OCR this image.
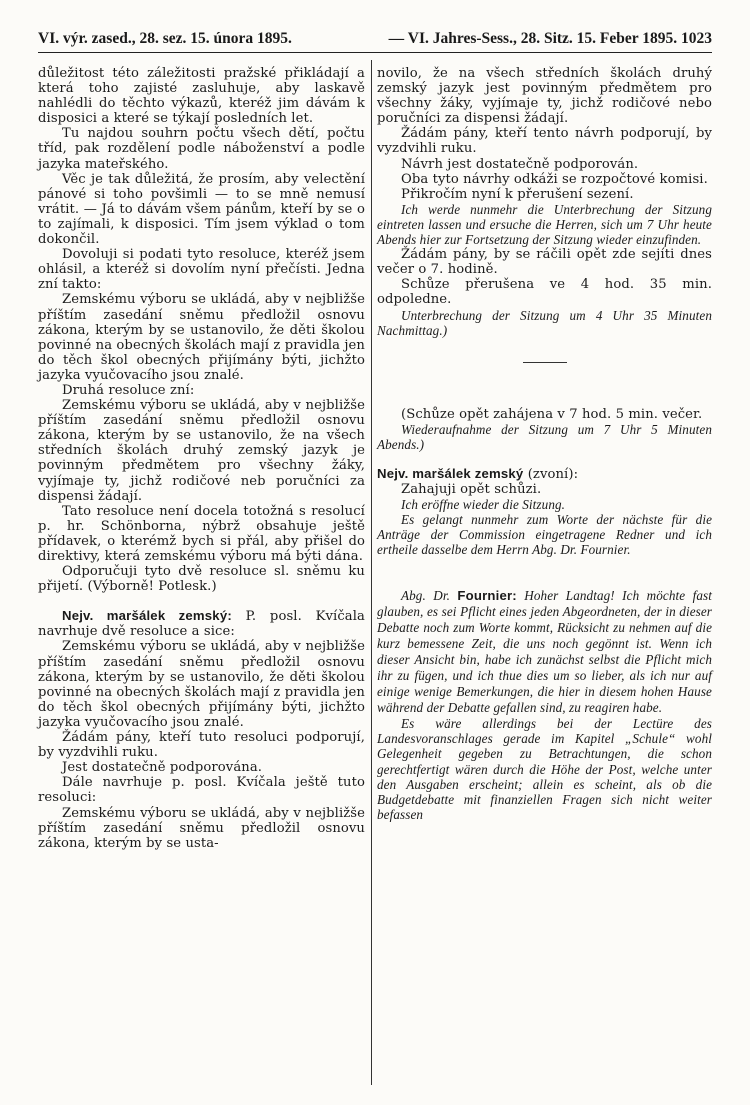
VI. výr. zased., 28. sez. 15. února 1895.	— VI. Jahres-Sess., 28. Sitz. 15. Feber 1895. 1023

důležitost této záležitosti pražské přikládají a která toho zajisté zasluhuje, aby laskavě nahlédli do těchto výkazů, kteréž jim dávám k disposici a které se týkají posledních let.

Tu najdou souhrn počtu všech dětí, počtu tříd, pak rozdělení podle náboženství a podle jazyka mateřského.

Věc je tak důležitá, že prosím, aby velectění pánové si toho povšimli — to se mně nemusí vrátit. — Já to dávám všem pánům, kteří by se o to zajímali, k disposici. Tím jsem výklad o tom dokončil.

Dovoluji si podati tyto resoluce, kteréž jsem ohlásil, a kteréž si dovolím nyní přečísti. Jedna zní takto:

Zemskému výboru se ukládá, aby v nejbližše příštím zasedání sněmu předložil osnovu zákona, kterým by se ustanovilo, že děti školou povinné na obecných školách mají z pravidla jen do těch škol obecných přijímány býti, jichžto jazyka vyučovacího jsou znalé.

Druhá resoluce zní:

Zemskému výboru se ukládá, aby v nejbližše příštím zasedání sněmu předložil osnovu zákona, kterým by se ustanovilo, že na všech středních školách druhý zemský jazyk je povinným předmětem pro všechny žáky, vyjímaje ty, jichž rodičové neb poručníci za dispensi žádají.

Tato resoluce není docela totožná s resolucí p. hr. Schönborna, nýbrž obsahuje ještě přídavek, o kterémž bych si přál, aby přišel do direktivy, která zemskému výboru má býti dána.

Odporučuji tyto dvě resoluce sl. sněmu ku přijetí. (Výborně! Potlesk.)

Nejv. maršálek zemský: P. posl. Kvíčala navrhuje dvě resoluce a sice:

Zemskému výboru se ukládá, aby v nejbližše příštím zasedání sněmu předložil osnovu zákona, kterým by se ustanovilo, že děti školou povinné na obecných školách mají z pravidla jen do těch škol obecných přijímány býti, jichžto jazyka vyučovacího jsou znalé.

Žádám pány, kteří tuto resoluci podporují, by vyzdvihli ruku.

Jest dostatečně podporována.

Dále navrhuje p. posl. Kvíčala ještě tuto resoluci:

Zemskému výboru se ukládá, aby v nejbližše příštím zasedání sněmu předložil osnovu zákona, kterým by se usta-

novilo, že na všech středních školách druhý zemský jazyk jest povinným předmětem pro všechny žáky, vyjímaje ty, jichž rodičové nebo poručníci za dispensi žádají.

Žádám pány, kteří tento návrh podporují, by vyzdvihli ruku.

Návrh jest dostatečně podporován.

Oba tyto návrhy odkáži se rozpočtové komisi.

Přikročím nyní k přerušení sezení.

Ich werde nunmehr die Unterbrechung der Sitzung eintreten lassen und ersuche die Herren, sich um 7 Uhr heute Abends hier zur Fortsetzung der Sitzung wieder einzufinden.

Žádám pány, by se ráčili opět zde sejíti dnes večer o 7. hodině.

Schůze přerušena ve 4 hod. 35 min. odpoledne.

Unterbrechung der Sitzung um 4 Uhr 35 Minuten Nachmittag.)

(Schůze opět zahájena v 7 hod. 5 min. večer.

Wiederaufnahme der Sitzung um 7 Uhr 5 Minuten Abends.)

Nejv. maršálek zemský (zvoní):

Zahajuji opět schůzi.

Ich eröffne wieder die Sitzung.

Es gelangt nunmehr zum Worte der nächste für die Anträge der Commission eingetragene Redner und ich ertheile dasselbe dem Herrn Abg. Dr. Fournier.

Abg. Dr. Fournier: Hoher Landtag! Ich möchte fast glauben, es sei Pflicht eines jeden Abgeordneten, der in dieser Debatte noch zum Worte kommt, Rücksicht zu nehmen auf die kurz bemessene Zeit, die uns noch gegönnt ist. Wenn ich dieser Ansicht bin, habe ich zunächst selbst die Pflicht mich ihr zu fügen, und ich thue dies um so lieber, als ich nur auf einige wenige Bemerkungen, die hier in diesem hohen Hause während der Debatte gefallen sind, zu reagiren habe.

Es wäre allerdings bei der Lectüre des Landesvoranschlages gerade im Kapitel „Schule“ wohl Gelegenheit gegeben zu Betrachtungen, die schon gerechtfertigt wären durch die Höhe der Post, welche unter den Ausgaben erscheint; allein es scheint, als ob die Budgetdebatte mit finanziellen Fragen sich nicht weiter befassen
